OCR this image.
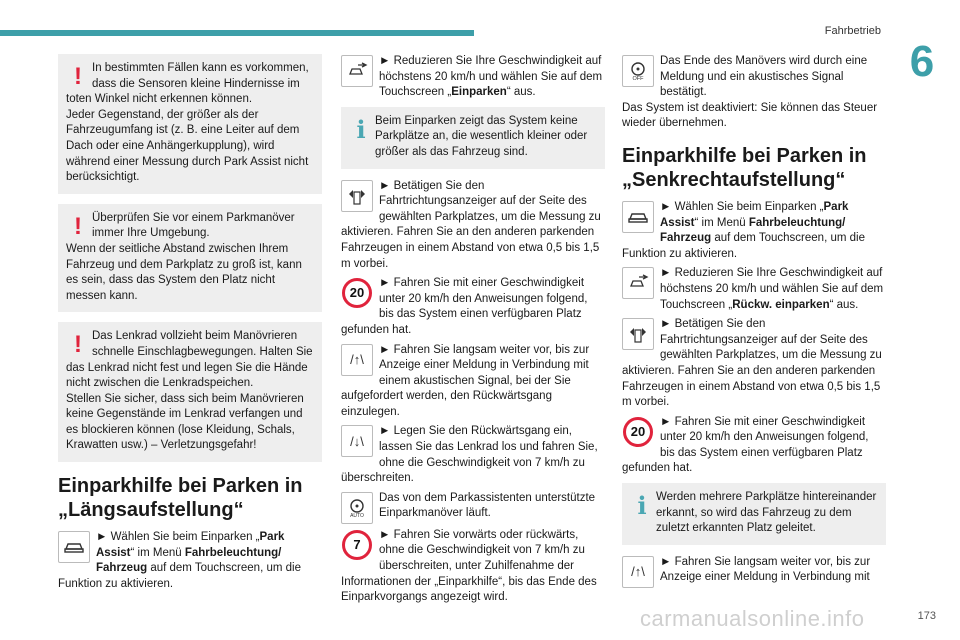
Fahrbetrieb
6
! In bestimmten Fällen kann es vorkommen, dass die Sensoren kleine Hindernisse im

toten Winkel nicht erkennen können.
Jeder Gegenstand, der größer als der Fahrzeugumfang ist (z. B. eine Leiter auf dem Dach oder eine Anhängerkupplung), wird während einer Messung durch Park Assist nicht berücksichtigt.

! Überprüfen Sie vor einem Parkmanöver immer Ihre Umgebung.

Wenn der seitliche Abstand zwischen Ihrem Fahrzeug und dem Parkplatz zu groß ist, kann es sein, dass das System den Platz nicht messen kann.

! Das Lenkrad vollzieht beim Manövrieren schnelle Einschlagbewegungen. Halten Sie

das Lenkrad nicht fest und legen Sie die Hände nicht zwischen die Lenkradspeichen.
Stellen Sie sicher, dass sich beim Manövrieren keine Gegenstände im Lenkrad verfangen und es blockieren können (lose Kleidung, Schals, Krawatten usw.) – Verletzungsgefahr!

Einparkhilfe bei Parken in „Längsaufstellung“

► Wählen Sie beim Einparken „Park Assist“ im Menü Fahrbeleuchtung/ Fahrzeug auf dem Touchscreen, um die Funktion zu aktivieren.

► Reduzieren Sie Ihre Geschwindigkeit auf höchstens 20 km/h und wählen Sie auf dem Touchscreen „Einparken“ aus.

i Beim Einparken zeigt das System keine Parkplätze an, die wesentlich kleiner oder größer als das Fahrzeug sind.

► Betätigen Sie den Fahrtrichtungsanzeiger auf der Seite des gewählten Parkplatzes, um die Messung zu aktivieren. Fahren Sie an den anderen parkenden Fahrzeugen in einem Abstand von etwa 0,5 bis 1,5 m vorbei.

20

► Fahren Sie mit einer Geschwindigkeit unter 20 km/h den Anweisungen folgend, bis das System einen verfügbaren Platz gefunden hat.

/↑\

► Fahren Sie langsam weiter vor, bis zur Anzeige einer Meldung in Verbindung mit einem akustischen Signal, bei der Sie aufgefordert werden, den Rückwärtsgang einzulegen.

/↓\

► Legen Sie den Rückwärtsgang ein, lassen Sie das Lenkrad los und fahren Sie, ohne die Geschwindigkeit von 7 km/h zu überschreiten.

AUTO

Das von dem Parkassistenten unterstützte Einparkmanöver läuft.

7

► Fahren Sie vorwärts oder rückwärts, ohne die Geschwindigkeit von 7 km/h zu überschreiten, unter Zuhilfenahme der Informationen der „Einparkhilfe“, bis das Ende des Einparkvorgangs angezeigt wird.

OFF

Das Ende des Manövers wird durch eine Meldung und ein akustisches Signal bestätigt.
Das System ist deaktiviert: Sie können das Steuer wieder übernehmen.

Einparkhilfe bei Parken in „Senkrechtaufstellung“

► Wählen Sie beim Einparken „Park Assist“ im Menü Fahrbeleuchtung/ Fahrzeug auf dem Touchscreen, um die Funktion zu aktivieren.

► Reduzieren Sie Ihre Geschwindigkeit auf höchstens 20 km/h und wählen Sie auf dem Touchscreen „Rückw. einparken“ aus.

► Betätigen Sie den Fahrtrichtungsanzeiger auf der Seite des gewählten Parkplatzes, um die Messung zu aktivieren. Fahren Sie an den anderen parkenden Fahrzeugen in einem Abstand von etwa 0,5 bis 1,5 m vorbei.

20

► Fahren Sie mit einer Geschwindigkeit unter 20 km/h den Anweisungen folgend, bis das System einen verfügbaren Platz gefunden hat.

i Werden mehrere Parkplätze hintereinander erkannt, so wird das Fahrzeug zu dem zuletzt erkannten Platz geleitet.

/↑\

► Fahren Sie langsam weiter vor, bis zur Anzeige einer Meldung in Verbindung mit

carmanualsonline.info	173
